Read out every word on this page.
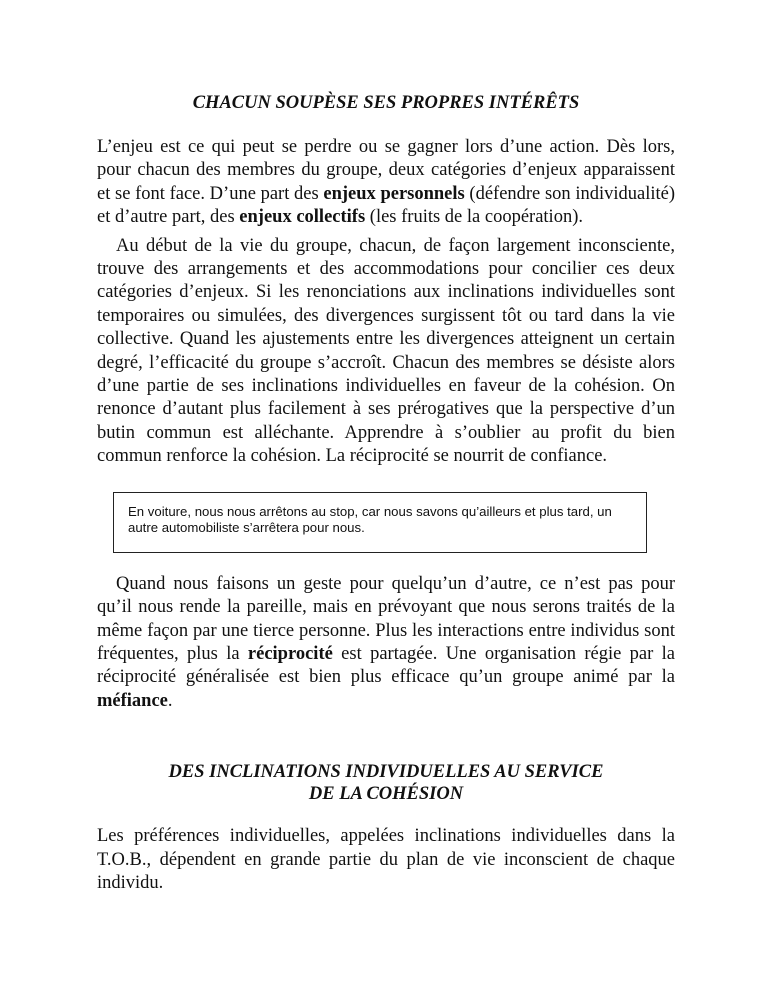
CHACUN SOUPÈSE SES PROPRES INTÉRÊTS

L’enjeu est ce qui peut se perdre ou se gagner lors d’une action. Dès lors, pour chacun des membres du groupe, deux catégories d’enjeux apparaissent et se font face. D’une part des enjeux personnels (défendre son individualité) et d’autre part, des enjeux collectifs (les fruits de la coopération).

Au début de la vie du groupe, chacun, de façon largement inconsciente, trouve des arrangements et des accommodations pour concilier ces deux catégories d’enjeux. Si les renonciations aux inclinations individuelles sont temporaires ou simulées, des divergences surgissent tôt ou tard dans la vie collective. Quand les ajustements entre les divergences atteignent un certain degré, l’efficacité du groupe s’accroît. Chacun des membres se désiste alors d’une partie de ses inclinations individuelles en faveur de la cohésion. On renonce d’autant plus facilement à ses prérogatives que la perspective d’un butin commun est alléchante. Apprendre à s’oublier au profit du bien commun renforce la cohésion. La réciprocité se nourrit de confiance.

En voiture, nous nous arrêtons au stop, car nous savons qu’ailleurs et plus tard, un autre automobiliste s’arrêtera pour nous.

Quand nous faisons un geste pour quelqu’un d’autre, ce n’est pas pour qu’il nous rende la pareille, mais en prévoyant que nous serons traités de la même façon par une tierce personne. Plus les interactions entre individus sont fréquentes, plus la réciprocité est partagée. Une organisation régie par la réciprocité généralisée est bien plus efficace qu’un groupe animé par la méfiance.

DES INCLINATIONS INDIVIDUELLES AU SERVICE
DE LA COHÉSION

Les préférences individuelles, appelées inclinations individuelles dans la T.O.B., dépendent en grande partie du plan de vie inconscient de chaque individu.
